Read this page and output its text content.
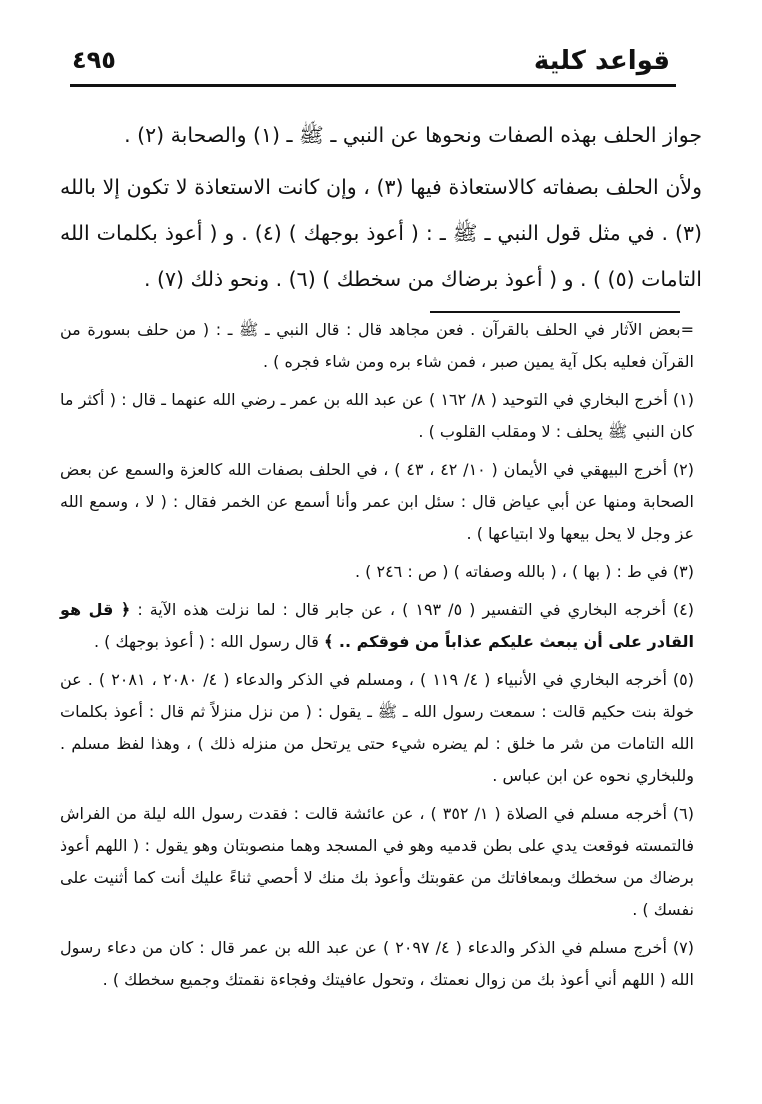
قواعد كلية
٤٩٥

جواز الحلف بهذه الصفات ونحوها عن النبي ـ ﷺ ـ (١) والصحابة (٢) .

ولأن الحلف بصفاته كالاستعاذة فيها (٣) ، وإن كانت الاستعاذة لا تكون إلا بالله (٣) . في مثل قول النبي ـ ﷺ ـ : ( أعوذ بوجهك ) (٤) . و ( أعوذ بكلمات الله التامات (٥) ) . و ( أعوذ برضاك من سخطك ) (٦) . ونحو ذلك (٧) .

=بعض الآثار في الحلف بالقرآن . فعن مجاهد قال : قال النبي ـ ﷺ ـ : ( من حلف بسورة من القرآن فعليه بكل آية يمين صبر ، فمن شاء بره ومن شاء فجره ) .

(١) أخرج البخاري في التوحيد ( ٨/ ١٦٢ ) عن عبد الله بن عمر ـ رضي الله عنهما ـ قال : ( أكثر ما كان النبي ﷺ يحلف : لا ومقلب القلوب ) .

(٢) أخرج البيهقي في الأيمان ( ١٠/ ٤٢ ، ٤٣ ) ، في الحلف بصفات الله كالعزة والسمع عن بعض الصحابة ومنها عن أبي عياض قال : سئل ابن عمر وأنا أسمع عن الخمر فقال : ( لا ، وسمع الله عز وجل لا يحل بيعها ولا ابتياعها ) .

(٣) في ط : ( بها ) ، ( بالله وصفاته ) ( ص : ٢٤٦ ) .

(٤) أخرجه البخاري في التفسير ( ٥/ ١٩٣ ) ، عن جابر قال : لما نزلت هذه الآية : ﴿ قل هو القادر على أن يبعث عليكم عذاباً من فوقكم .. ﴾ قال رسول الله : ( أعوذ بوجهك ) .

(٥) أخرجه البخاري في الأنبياء ( ٤/ ١١٩ ) ، ومسلم في الذكر والدعاء ( ٤/ ٢٠٨٠ ، ٢٠٨١ ) . عن خولة بنت حكيم قالت : سمعت رسول الله ـ ﷺ ـ يقول : ( من نزل منزلاً ثم قال : أعوذ بكلمات الله التامات من شر ما خلق : لم يضره شيء حتى يرتحل من منزله ذلك ) ، وهذا لفظ مسلم . وللبخاري نحوه عن ابن عباس .

(٦) أخرجه مسلم في الصلاة ( ١/ ٣٥٢ ) ، عن عائشة قالت : فقدت رسول الله ليلة من الفراش فالتمسته فوقعت يدي على بطن قدميه وهو في المسجد وهما منصوبتان وهو يقول : ( اللهم أعوذ برضاك من سخطك وبمعافاتك من عقوبتك وأعوذ بك منك لا أحصي ثناءً عليك أنت كما أثنيت على نفسك ) .

(٧) أخرج مسلم في الذكر والدعاء ( ٤/ ٢٠٩٧ ) عن عبد الله بن عمر قال : كان من دعاء رسول الله ( اللهم أني أعوذ بك من زوال نعمتك ، وتحول عافيتك وفجاءة نقمتك وجميع سخطك ) .
